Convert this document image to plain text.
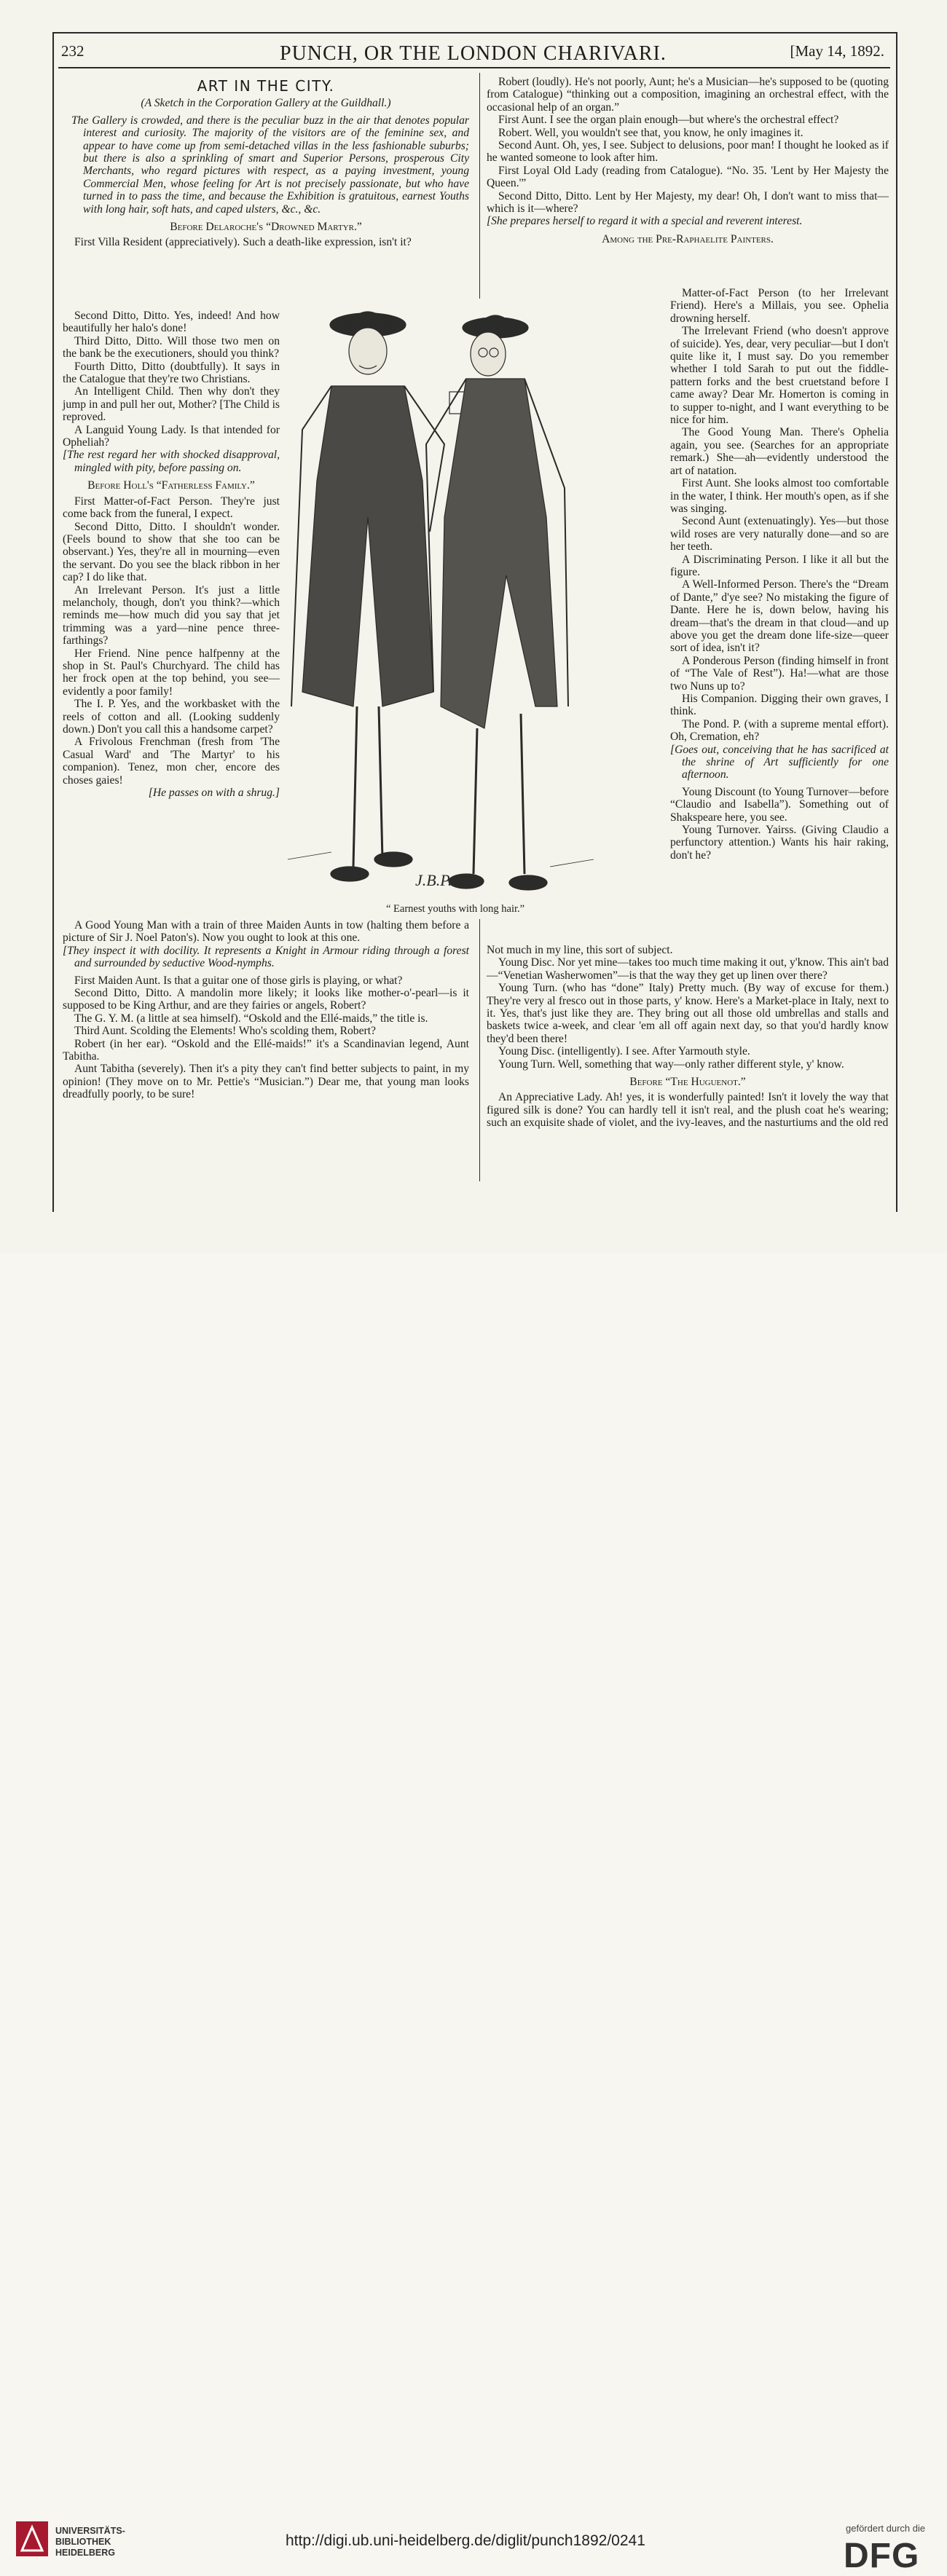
232	PUNCH, OR THE LONDON CHARIVARI.	[May 14, 1892.
ART IN THE CITY.
(A Sketch in the Corporation Gallery at the Guildhall.)

The Gallery is crowded, and there is the peculiar buzz in the air that denotes popular interest and curiosity. The majority of the visitors are of the feminine sex, and appear to have come up from semi-detached villas in the less fashionable suburbs; but there is also a sprinkling of smart and Superior Persons, prosperous City Merchants, who regard pictures with respect, as a paying investment, young Commercial Men, whose feeling for Art is not precisely passionate, but who have turned in to pass the time, and because the Exhibition is gratuitous, earnest Youths with long hair, soft hats, and caped ulsters, &c., &c.

Before Delaroche's “Drowned Martyr.”

First Villa Resident (appreciatively). Such a death-like expression, isn't it?

Second Ditto, Ditto. Yes, indeed! And how beautifully her halo's done!

Third Ditto, Ditto. Will those two men on the bank be the executioners, should you think?

Fourth Ditto, Ditto (doubtfully). It says in the Catalogue that they're two Christians.

An Intelligent Child. Then why don't they jump in and pull her out, Mother? [The Child is reproved.

A Languid Young Lady. Is that intended for Opheliah?

[The rest regard her with shocked disapproval, mingled with pity, before passing on.

Before Holl's “Fatherless Family.”

First Matter-of-Fact Person. They're just come back from the funeral, I expect.

Second Ditto, Ditto. I shouldn't wonder. (Feels bound to show that she too can be observant.) Yes, they're all in mourning—even the servant. Do you see the black ribbon in her cap? I do like that.

An Irrelevant Person. It's just a little melancholy, though, don't you think?—which reminds me—how much did you say that jet trimming was a yard—nine pence three-farthings?

Her Friend. Nine pence halfpenny at the shop in St. Paul's Churchyard. The child has her frock open at the top behind, you see—evidently a poor family!

The I. P. Yes, and the workbasket with the reels of cotton and all. (Looking suddenly down.) Don't you call this a handsome carpet?

A Frivolous Frenchman (fresh from 'The Casual Ward' and 'The Martyr' to his companion). Tenez, mon cher, encore des choses gaies!

[He passes on with a shrug.]

A Good Young Man with a train of three Maiden Aunts in tow (halting them before a picture of Sir J. Noel Paton's). Now you ought to look at this one.

[They inspect it with docility. It represents a Knight in Armour riding through a forest and surrounded by seductive Wood-nymphs.

First Maiden Aunt. Is that a guitar one of those girls is playing, or what?

Second Ditto, Ditto. A mandolin more likely; it looks like mother-o'-pearl—is it supposed to be King Arthur, and are they fairies or angels, Robert?

The G. Y. M. (a little at sea himself). “Oskold and the Ellé-maids,” the title is.

Third Aunt. Scolding the Elements! Who's scolding them, Robert?

Robert (in her ear). “Oskold and the Ellé-maids!” it's a Scandinavian legend, Aunt Tabitha.

Aunt Tabitha (severely). Then it's a pity they can't find better subjects to paint, in my opinion! (They move on to Mr. Pettie's “Musician.”) Dear me, that young man looks dreadfully poorly, to be sure!

Robert (loudly). He's not poorly, Aunt; he's a Musician—he's supposed to be (quoting from Catalogue) “thinking out a composition, imagining an orchestral effect, with the occasional help of an organ.”

First Aunt. I see the organ plain enough—but where's the orchestral effect?

Robert. Well, you wouldn't see that, you know, he only imagines it.

Second Aunt. Oh, yes, I see. Subject to delusions, poor man! I thought he looked as if he wanted someone to look after him.

First Loyal Old Lady (reading from Catalogue). “No. 35. 'Lent by Her Majesty the Queen.'”

Second Ditto, Ditto. Lent by Her Majesty, my dear! Oh, I don't want to miss that—which is it—where?

[She prepares herself to regard it with a special and reverent interest.

Among the Pre-Raphaelite Painters.

Matter-of-Fact Person (to her Irrelevant Friend). Here's a Millais, you see. Ophelia drowning herself.

The Irrelevant Friend (who doesn't approve of suicide). Yes, dear, very peculiar—but I don't quite like it, I must say. Do you remember whether I told Sarah to put out the fiddle-pattern forks and the best cruetstand before I came away? Dear Mr. Homerton is coming in to supper to-night, and I want everything to be nice for him.

The Good Young Man. There's Ophelia again, you see. (Searches for an appropriate remark.) She—ah—evidently understood the art of natation.

First Aunt. She looks almost too comfortable in the water, I think. Her mouth's open, as if she was singing.

Second Aunt (extenuatingly). Yes—but those wild roses are very naturally done—and so are her teeth.

A Discriminating Person. I like it all but the figure.

A Well-Informed Person. There's the “Dream of Dante,” d'ye see? No mistaking the figure of Dante. Here he is, down below, having his dream—that's the dream in that cloud—and up above you get the dream done life-size—queer sort of idea, isn't it?

A Ponderous Person (finding himself in front of “The Vale of Rest”). Ha!—what are those two Nuns up to?

His Companion. Digging their own graves, I think.

The Pond. P. (with a supreme mental effort). Oh, Cremation, eh?

[Goes out, conceiving that he has sacrificed at the shrine of Art sufficiently for one afternoon.

Young Discount (to Young Turnover—before “Claudio and Isabella”). Something out of Shakspeare here, you see.

Young Turnover. Yairss. (Giving Claudio a perfunctory attention.) Wants his hair raking, don't he?

Not much in my line, this sort of subject.

Young Disc. Nor yet mine—takes too much time making it out, y'know. This ain't bad—“Venetian Washerwomen”—is that the way they get up linen over there?

Young Turn. (who has “done” Italy) Pretty much. (By way of excuse for them.) They're very al fresco out in those parts, y' know. Here's a Market-place in Italy, next to it. Yes, that's just like they are. They bring out all those old umbrellas and stalls and baskets twice a-week, and clear 'em all off again next day, so that you'd hardly know they'd been there!

Young Disc. (intelligently). I see. After Yarmouth style.

Young Turn. Well, something that way—only rather different style, y' know.

Before “The Huguenot.”

An Appreciative Lady. Ah! yes, it is wonderfully painted! Isn't it lovely the way that figured silk is done? You can hardly tell it isn't real, and the plush coat he's wearing; such an exquisite shade of violet, and the ivy-leaves, and the nasturtiums and the old red

J.B.P.
“ Earnest youths with long hair.”
UNIVERSITÄTS-
BIBLIOTHEK
HEIDELBERG
http://digi.ub.uni-heidelberg.de/diglit/punch1892/0241
gefördert durch die
DFG
